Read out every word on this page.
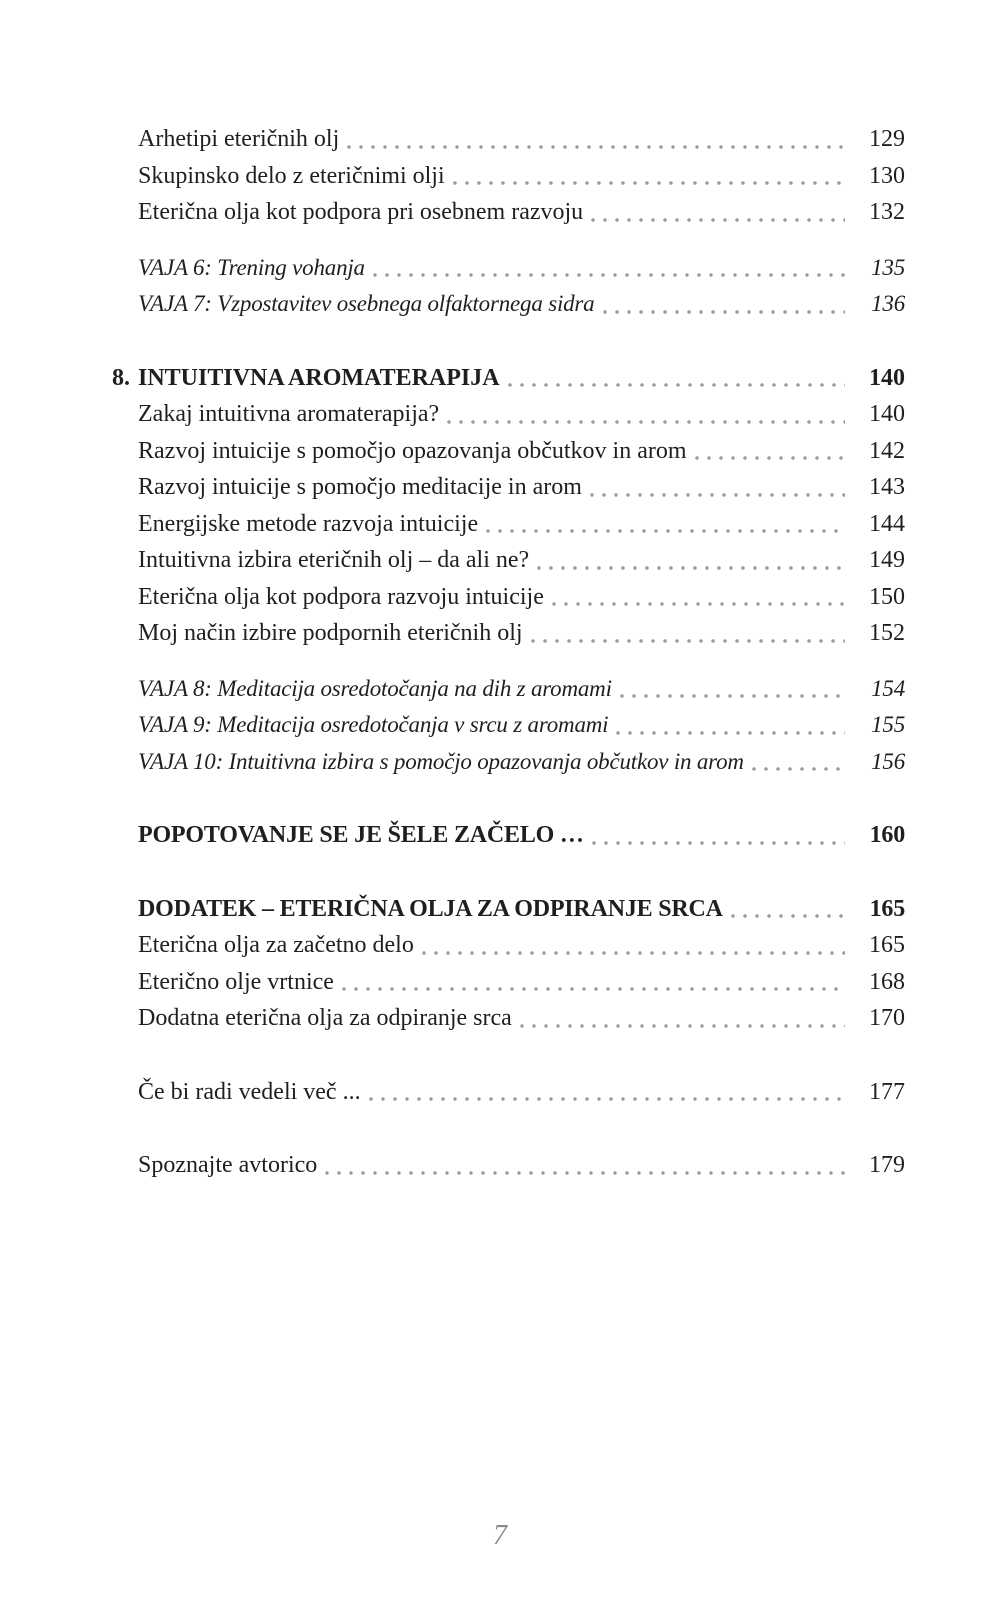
Arhetipi eteričnih olj	129
Skupinsko delo z eteričnimi olji	130
Eterična olja kot podpora pri osebnem razvoju	132
VAJA 6: Trening vohanja	135
VAJA 7: Vzpostavitev osebnega olfaktornega sidra	136
8. INTUITIVNA AROMATERAPIJA	140
Zakaj intuitivna aromaterapija?	140
Razvoj intuicije s pomočjo opazovanja občutkov in arom	142
Razvoj intuicije s pomočjo meditacije in arom	143
Energijske metode razvoja intuicije	144
Intuitivna izbira eteričnih olj – da ali ne?	149
Eterična olja kot podpora razvoju intuicije	150
Moj način izbire podpornih eteričnih olj	152
VAJA 8: Meditacija osredotočanja na dih z aromami	154
VAJA 9: Meditacija osredotočanja v srcu z aromami	155
VAJA 10: Intuitivna izbira s pomočjo opazovanja občutkov in arom	156
POPOTOVANJE SE JE ŠELE ZAČELO …	160
DODATEK – ETERIČNA OLJA ZA ODPIRANJE SRCA	165
Eterična olja za začetno delo	165
Eterično olje vrtnice	168
Dodatna eterična olja za odpiranje srca	170
Če bi radi vedeli več ...	177
Spoznajte avtorico	179
7
